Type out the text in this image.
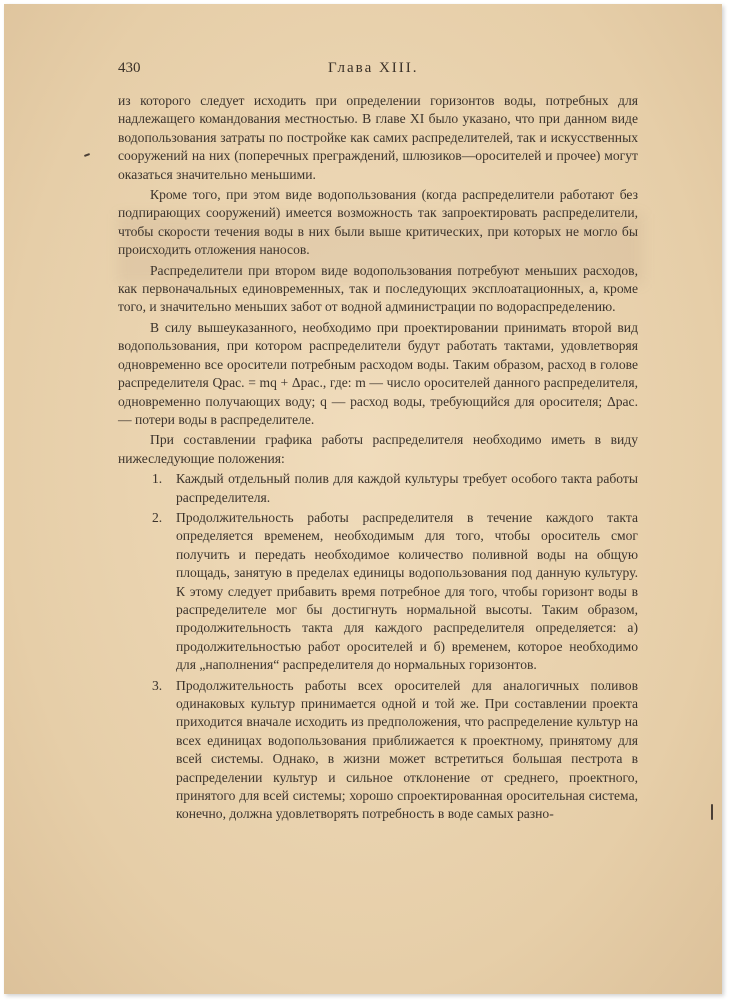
430	Глава XIII.

из которого следует исходить при определении горизонтов воды, потребных для надлежащего командования местностью. В главе XI было указано, что при данном виде водопользования затраты по постройке как самих распределителей, так и искусственных сооружений на них (поперечных преграждений, шлюзиков—оросителей и прочее) могут оказаться значительно меньшими.

Кроме того, при этом виде водопользования (когда распределители работают без подпирающих сооружений) имеется возможность так запроектировать распределители, чтобы скорости течения воды в них были выше критических, при которых не могло бы происходить отложения наносов.

Распределители при втором виде водопользования потребуют меньших расходов, как первоначальных единовременных, так и последующих эксплоатационных, а, кроме того, и значительно меньших забот от водной администрации по водораспределению.

В силу вышеуказанного, необходимо при проектировании принимать второй вид водопользования, при котором распределители будут работать тактами, удовлетворяя одновременно все оросители потребным расходом воды. Таким образом, расход в голове распределителя Qрас. = mq + Δрас., где: m — число оросителей данного распределителя, одновременно получающих воду; q — расход воды, требующийся для оросителя; Δрас. — потери воды в распределителе.

При составлении графика работы распределителя необходимо иметь в виду нижеследующие положения:

1. Каждый отдельный полив для каждой культуры требует особого такта работы распределителя.
2. Продолжительность работы распределителя в течение каждого такта определяется временем, необходимым для того, чтобы ороситель смог получить и передать необходимое количество поливной воды на общую площадь, занятую в пределах единицы водопользования под данную культуру. К этому следует прибавить время потребное для того, чтобы горизонт воды в распределителе мог бы достигнуть нормальной высоты. Таким образом, продолжительность такта для каждого распределителя определяется: а) продолжительностью работ оросителей и б) временем, которое необходимо для „наполнения“ распределителя до нормальных горизонтов.
3. Продолжительность работы всех оросителей для аналогичных поливов одинаковых культур принимается одной и той же. При составлении проекта приходится вначале исходить из предположения, что распределение культур на всех единицах водопользования приближается к проектному, принятому для всей системы. Однако, в жизни может встретиться большая пестрота в распределении культур и сильное отклонение от среднего, проектного, принятого для всей системы; хорошо спроектированная оросительная система, конечно, должна удовлетворять потребность в воде самых разно-
